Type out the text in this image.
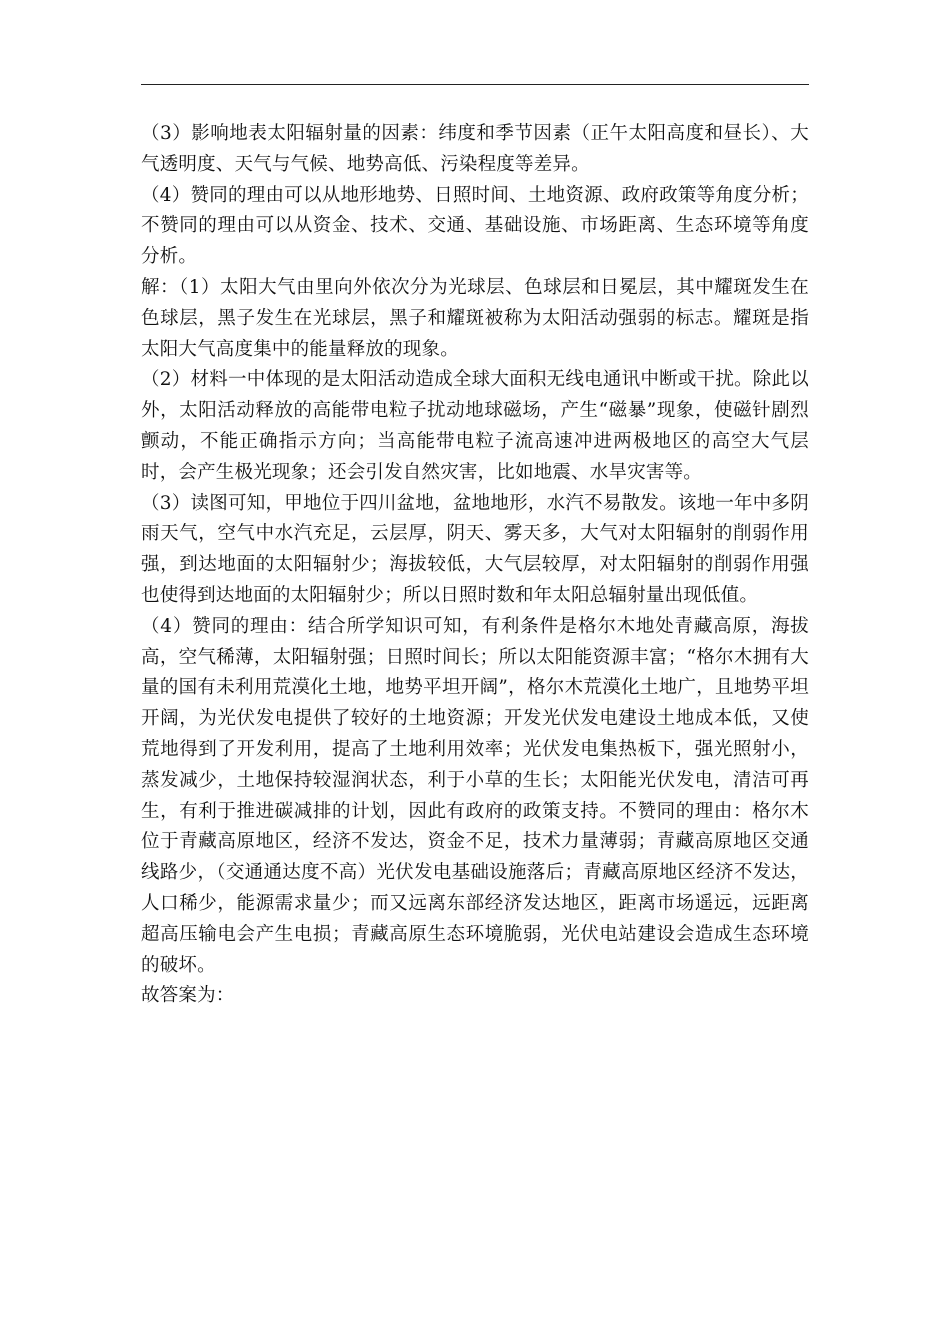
（3）影响地表太阳辐射量的因素：纬度和季节因素（正午太阳高度和昼长）、大气透明度、天气与气候、地势高低、污染程度等差异。

（4）赞同的理由可以从地形地势、日照时间、土地资源、政府政策等角度分析；不赞同的理由可以从资金、技术、交通、基础设施、市场距离、生态环境等角度分析。

解：（1）太阳大气由里向外依次分为光球层、色球层和日冕层，其中耀斑发生在色球层，黑子发生在光球层，黑子和耀斑被称为太阳活动强弱的标志。耀斑是指太阳大气高度集中的能量释放的现象。

（2）材料一中体现的是太阳活动造成全球大面积无线电通讯中断或干扰。除此以外，太阳活动释放的高能带电粒子扰动地球磁场，产生“磁暴”现象，使磁针剧烈颤动，不能正确指示方向；当高能带电粒子流高速冲进两极地区的高空大气层时，会产生极光现象；还会引发自然灾害，比如地震、水旱灾害等。

（3）读图可知，甲地位于四川盆地，盆地地形，水汽不易散发。该地一年中多阴雨天气，空气中水汽充足，云层厚，阴天、雾天多，大气对太阳辐射的削弱作用强，到达地面的太阳辐射少；海拔较低，大气层较厚，对太阳辐射的削弱作用强也使得到达地面的太阳辐射少；所以日照时数和年太阳总辐射量出现低值。

（4）赞同的理由：结合所学知识可知，有利条件是格尔木地处青藏高原，海拔高，空气稀薄，太阳辐射强；日照时间长；所以太阳能资源丰富；“格尔木拥有大量的国有未利用荒漠化土地，地势平坦开阔”，格尔木荒漠化土地广，且地势平坦开阔，为光伏发电提供了较好的土地资源；开发光伏发电建设土地成本低，又使荒地得到了开发利用，提高了土地利用效率；光伏发电集热板下，强光照射小，蒸发减少，土地保持较湿润状态，利于小草的生长；太阳能光伏发电，清洁可再生，有利于推进碳减排的计划，因此有政府的政策支持。不赞同的理由：格尔木位于青藏高原地区，经济不发达，资金不足，技术力量薄弱；青藏高原地区交通线路少，（交通通达度不高）光伏发电基础设施落后；青藏高原地区经济不发达，人口稀少，能源需求量少；而又远离东部经济发达地区，距离市场遥远，远距离超高压输电会产生电损；青藏高原生态环境脆弱，光伏电站建设会造成生态环境的破坏。

故答案为：
